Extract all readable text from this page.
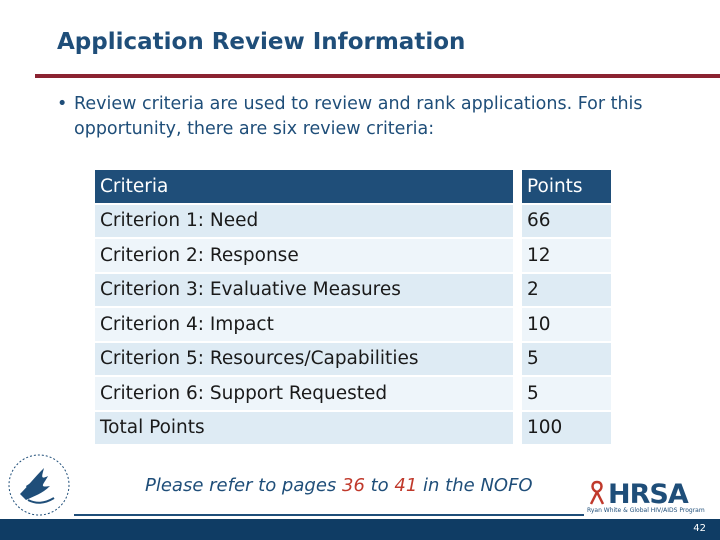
Application Review Information
• Review criteria are used to review and rank applications. For this opportunity, there are six review criteria:
Criteria		Points
Criterion 1: Need		66
Criterion 2: Response		12
Criterion 3: Evaluative Measures		2
Criterion 4: Impact		10
Criterion 5: Resources/Capabilities		5
Criterion 6: Support Requested		5
Total Points		100
Please refer to pages 36 to 41 in the NOFO	HRSA
Ryan White & Global HIV/AIDS Program
42
